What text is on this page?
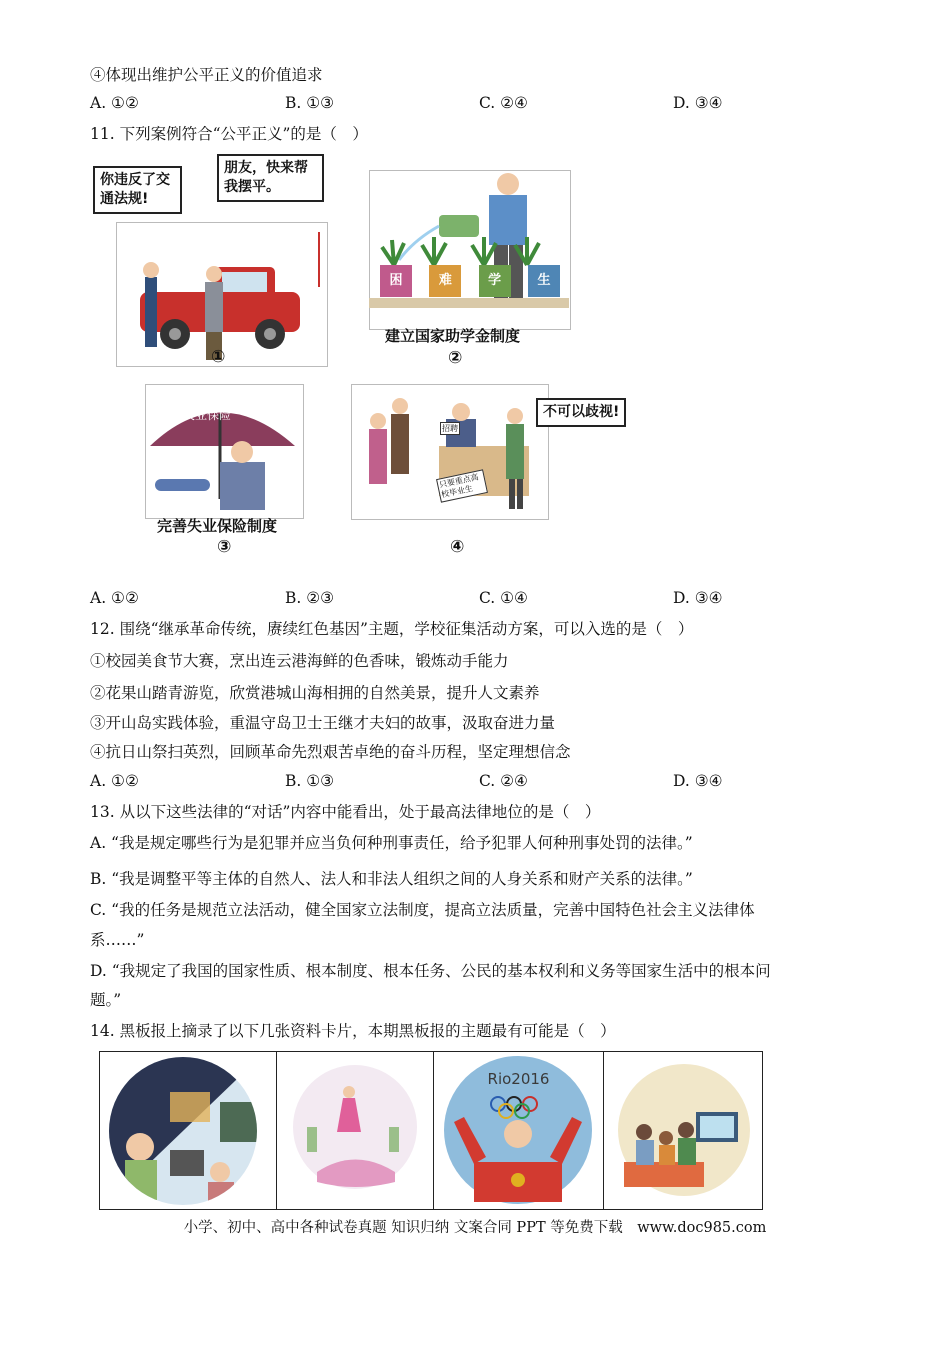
④体现出维护公平正义的价值追求
A. ①②	B. ①③	C. ②④	D. ③④
11. 下列案例符合“公平正义”的是（　）
你违反了交通法规!
朋友，快来帮我摆平。
①
困	难	学	生
建立国家助学金制度
②
失业保险
完善失业保险制度
③
招聘
只要重点高校毕业生
不可以歧视!
④
A. ①②	B. ②③	C. ①④	D. ③④
12. 围绕“继承革命传统，赓续红色基因”主题，学校征集活动方案，可以入选的是（　）
①校园美食节大赛，烹出连云港海鲜的色香味，锻炼动手能力
②花果山踏青游览，欣赏港城山海相拥的自然美景，提升人文素养
③开山岛实践体验，重温守岛卫士王继才夫妇的故事，汲取奋进力量
④抗日山祭扫英烈，回顾革命先烈艰苦卓绝的奋斗历程，坚定理想信念
A. ①②	B. ①③	C. ②④	D. ③④
13. 从以下这些法律的“对话”内容中能看出，处于最高法律地位的是（　）
A. “我是规定哪些行为是犯罪并应当负何种刑事责任，给予犯罪人何种刑事处罚的法律。”
B. “我是调整平等主体的自然人、法人和非法人组织之间的人身关系和财产关系的法律。”
C. “我的任务是规范立法活动，健全国家立法制度，提高立法质量，完善中国特色社会主义法律体
系……”
D. “我规定了我国的国家性质、根本制度、根本任务、公民的基本权利和义务等国家生活中的根本问
题。”
14. 黑板报上摘录了以下几张资料卡片，本期黑板报的主题最有可能是（　）
Rio2016
小学、初中、高中各种试卷真题 知识归纳 文案合同 PPT 等免费下载　www.doc985.com
